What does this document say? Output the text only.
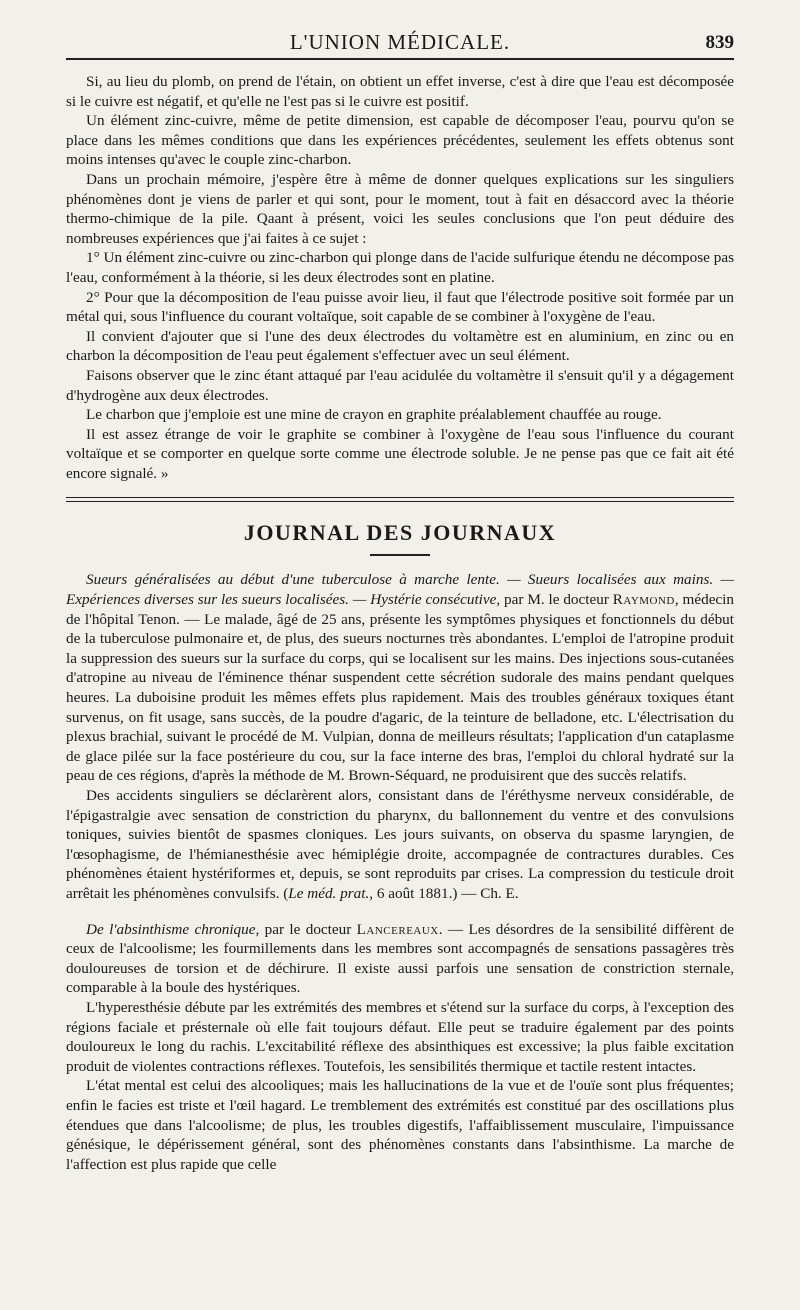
L'UNION MÉDICALE.	839

Si, au lieu du plomb, on prend de l'étain, on obtient un effet inverse, c'est à dire que l'eau est décomposée si le cuivre est négatif, et qu'elle ne l'est pas si le cuivre est positif.

Un élément zinc-cuivre, même de petite dimension, est capable de décomposer l'eau, pourvu qu'on se place dans les mêmes conditions que dans les expériences précédentes, seulement les effets obtenus sont moins intenses qu'avec le couple zinc-charbon.

Dans un prochain mémoire, j'espère être à même de donner quelques explications sur les singuliers phénomènes dont je viens de parler et qui sont, pour le moment, tout à fait en désaccord avec la théorie thermo-chimique de la pile. Qaant à présent, voici les seules conclusions que l'on peut déduire des nombreuses expériences que j'ai faites à ce sujet :

1° Un élément zinc-cuivre ou zinc-charbon qui plonge dans de l'acide sulfurique étendu ne décompose pas l'eau, conformément à la théorie, si les deux électrodes sont en platine.

2° Pour que la décomposition de l'eau puisse avoir lieu, il faut que l'électrode positive soit formée par un métal qui, sous l'influence du courant voltaïque, soit capable de se combiner à l'oxygène de l'eau.

Il convient d'ajouter que si l'une des deux électrodes du voltamètre est en aluminium, en zinc ou en charbon la décomposition de l'eau peut également s'effectuer avec un seul élément.

Faisons observer que le zinc étant attaqué par l'eau acidulée du voltamètre il s'ensuit qu'il y a dégagement d'hydrogène aux deux électrodes.

Le charbon que j'emploie est une mine de crayon en graphite préalablement chauffée au rouge.

Il est assez étrange de voir le graphite se combiner à l'oxygène de l'eau sous l'influence du courant voltaïque et se comporter en quelque sorte comme une électrode soluble. Je ne pense pas que ce fait ait été encore signalé. »

JOURNAL DES JOURNAUX

Sueurs généralisées au début d'une tuberculose à marche lente. — Sueurs localisées aux mains. — Expériences diverses sur les sueurs localisées. — Hystérie consécutive, par M. le docteur Raymond, médecin de l'hôpital Tenon. — Le malade, âgé de 25 ans, présente les symptômes physiques et fonctionnels du début de la tuberculose pulmonaire et, de plus, des sueurs nocturnes très abondantes. L'emploi de l'atropine produit la suppression des sueurs sur la surface du corps, qui se localisent sur les mains. Des injections sous-cutanées d'atropine au niveau de l'éminence thénar suspendent cette sécrétion sudorale des mains pendant quelques heures. La duboisine produit les mêmes effets plus rapidement. Mais des troubles généraux toxiques étant survenus, on fit usage, sans succès, de la poudre d'agaric, de la teinture de belladone, etc. L'électrisation du plexus brachial, suivant le procédé de M. Vulpian, donna de meilleurs résultats; l'application d'un cataplasme de glace pilée sur la face postérieure du cou, sur la face interne des bras, l'emploi du chloral hydraté sur la peau de ces régions, d'après la méthode de M. Brown-Séquard, ne produisirent que des succès relatifs.

Des accidents singuliers se déclarèrent alors, consistant dans de l'éréthysme nerveux considérable, de l'épigastralgie avec sensation de constriction du pharynx, du ballonnement du ventre et des convulsions toniques, suivies bientôt de spasmes cloniques. Les jours suivants, on observa du spasme laryngien, de l'œsophagisme, de l'hémianesthésie avec hémiplégie droite, accompagnée de contractures durables. Ces phénomènes étaient hystériformes et, depuis, se sont reproduits par crises. La compression du testicule droit arrêtait les phénomènes convulsifs. (Le méd. prat., 6 août 1881.) — Ch. E.

De l'absinthisme chronique, par le docteur Lancereaux. — Les désordres de la sensibilité diffèrent de ceux de l'alcoolisme; les fourmillements dans les membres sont accompagnés de sensations passagères très douloureuses de torsion et de déchirure. Il existe aussi parfois une sensation de constriction sternale, comparable à la boule des hystériques.

L'hyperesthésie débute par les extrémités des membres et s'étend sur la surface du corps, à l'exception des régions faciale et présternale où elle fait toujours défaut. Elle peut se traduire également par des points douloureux le long du rachis. L'excitabilité réflexe des absinthiques est excessive; la plus faible excitation produit de violentes contractions réflexes. Toutefois, les sensibilités thermique et tactile restent intactes.

L'état mental est celui des alcooliques; mais les hallucinations de la vue et de l'ouïe sont plus fréquentes; enfin le facies est triste et l'œil hagard. Le tremblement des extrémités est constitué par des oscillations plus étendues que dans l'alcoolisme; de plus, les troubles digestifs, l'affaiblissement musculaire, l'impuissance génésique, le dépérissement général, sont des phénomènes constants dans l'absinthisme. La marche de l'affection est plus rapide que celle
